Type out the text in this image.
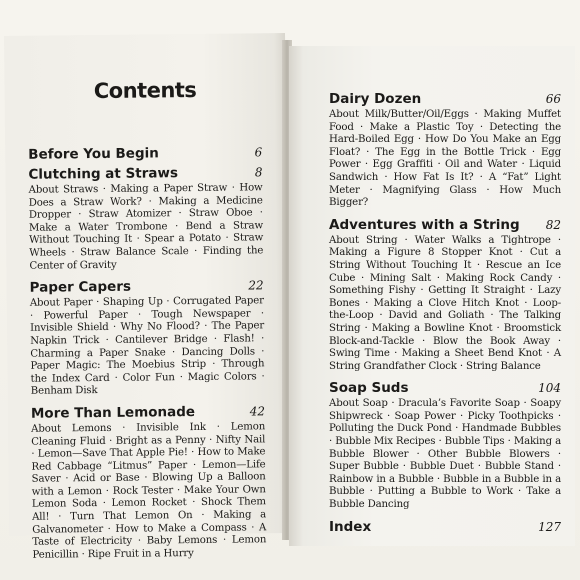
Contents
Before You Begin	6
Clutching at Straws	8
About Straws · Making a Paper Straw · How Does a Straw Work? · Making a Medicine Dropper · Straw Atomizer · Straw Oboe · Make a Water Trombone · Bend a Straw Without Touching It · Spear a Potato · Straw Wheels · Straw Balance Scale · Finding the Center of Gravity
Paper Capers	22
About Paper · Shaping Up · Corrugated Paper · Powerful Paper · Tough Newspaper · Invisible Shield · Why No Flood? · The Paper Napkin Trick · Cantilever Bridge · Flash! · Charming a Paper Snake · Dancing Dolls · Paper Magic: The Moebius Strip · Through the Index Card · Color Fun · Magic Colors · Benham Disk
More Than Lemonade	42
About Lemons · Invisible Ink · Lemon Cleaning Fluid · Bright as a Penny · Nifty Nail · Lemon—Save That Apple Pie! · How to Make Red Cabbage “Litmus” Paper · Lemon—Life Saver · Acid or Base · Blowing Up a Balloon with a Lemon · Rock Tester · Make Your Own Lemon Soda · Lemon Rocket · Shock Them All! · Turn That Lemon On · Making a Galvanometer · How to Make a Compass · A Taste of Electricity · Baby Lemons · Lemon Penicillin · Ripe Fruit in a Hurry
Dairy Dozen	66
About Milk/Butter/Oil/Eggs · Making Muffet Food · Make a Plastic Toy · Detecting the Hard-Boiled Egg · How Do You Make an Egg Float? · The Egg in the Bottle Trick · Egg Power · Egg Graffiti · Oil and Water · Liquid Sandwich · How Fat Is It? · A “Fat” Light Meter · Magnifying Glass · How Much Bigger?
Adventures with a String 82
About String · Water Walks a Tightrope · Making a Figure 8 Stopper Knot · Cut a String Without Touching It · Rescue an Ice Cube · Mining Salt · Making Rock Candy · Something Fishy · Getting It Straight · Lazy Bones · Making a Clove Hitch Knot · Loop-the-Loop · David and Goliath · The Talking String · Making a Bowline Knot · Broomstick Block-and-Tackle · Blow the Book Away · Swing Time · Making a Sheet Bend Knot · A String Grandfather Clock · String Balance
Soap Suds	104
About Soap · Dracula’s Favorite Soap · Soapy Shipwreck · Soap Power · Picky Toothpicks · Polluting the Duck Pond · Handmade Bubbles · Bubble Mix Recipes · Bubble Tips · Making a Bubble Blower · Other Bubble Blowers · Super Bubble · Bubble Duet · Bubble Stand · Rainbow in a Bubble · Bubble in a Bubble in a Bubble · Putting a Bubble to Work · Take a Bubble Dancing
Index	127
